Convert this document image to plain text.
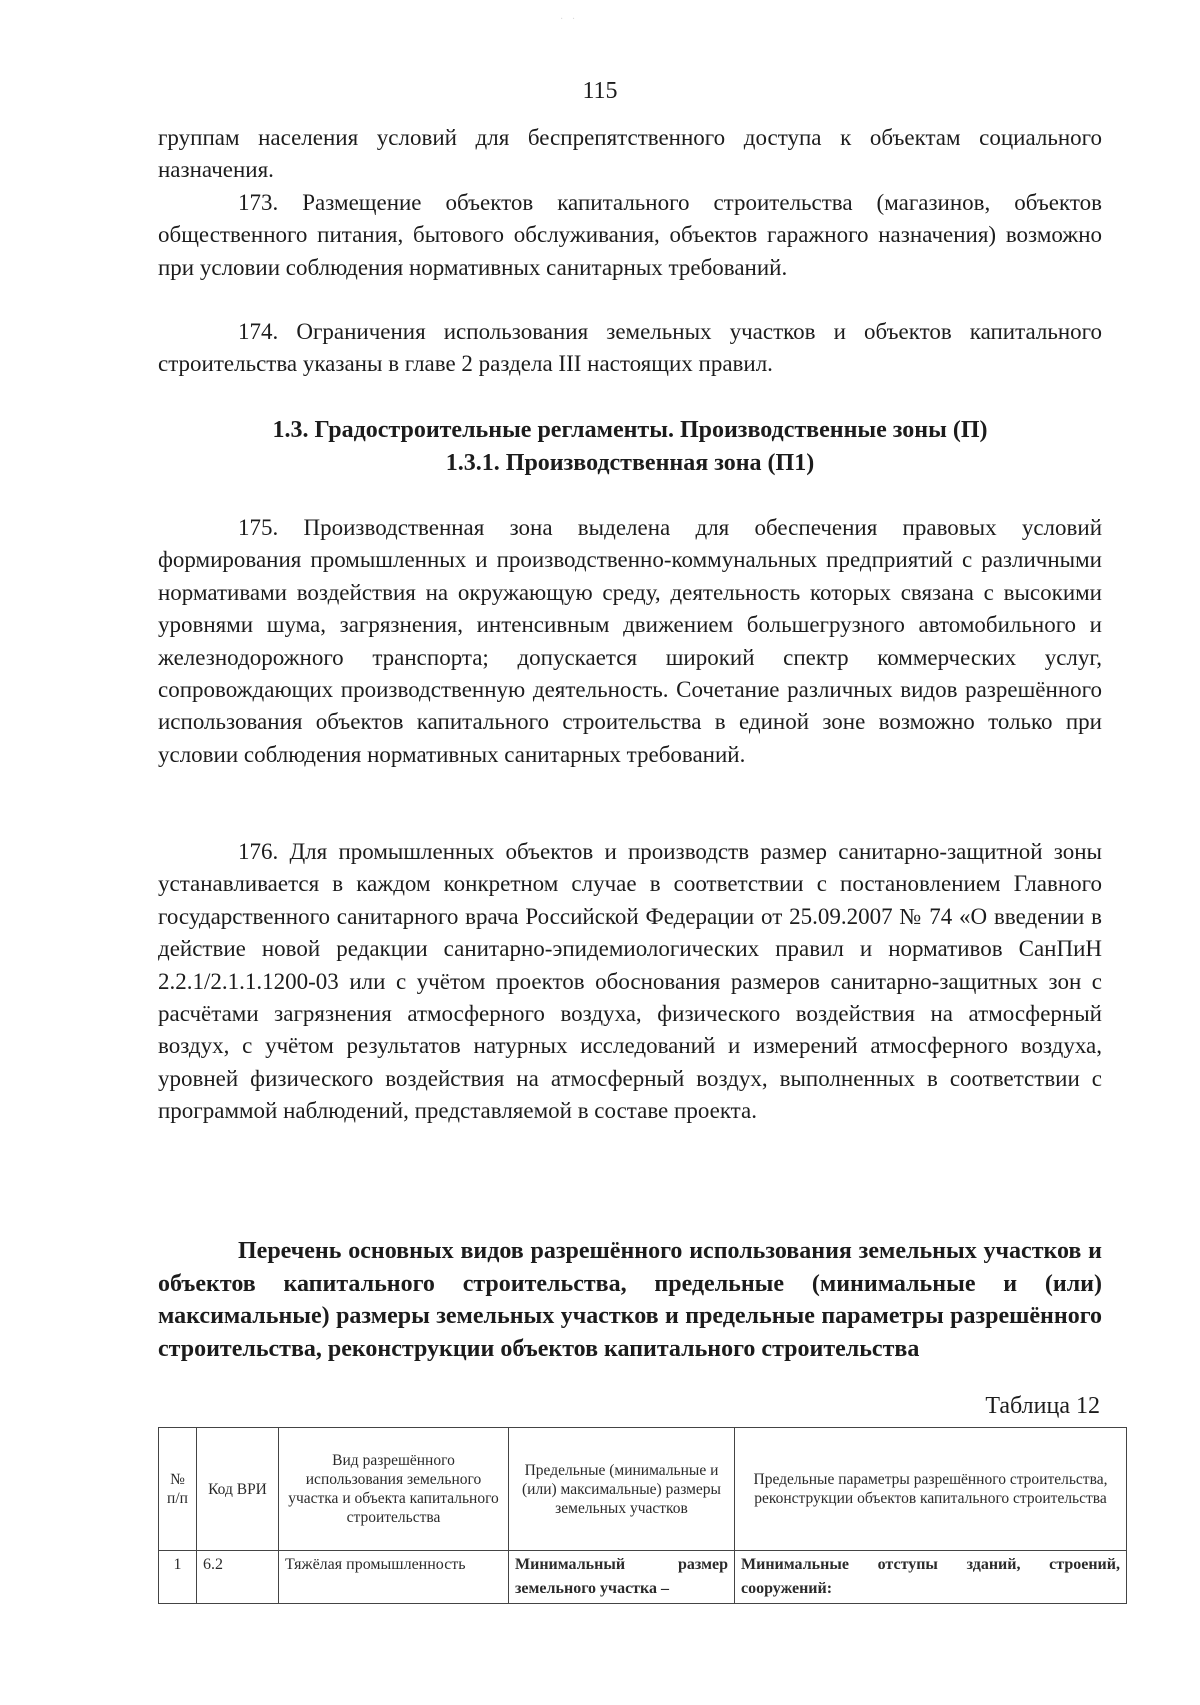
· ·
115

группам населения условий для беспрепятственного доступа к объектам социального назначения.

173. Размещение объектов капитального строительства (магазинов, объектов общественного питания, бытового обслуживания, объектов гаражного назначения) возможно при условии соблюдения нормативных санитарных требований.

174. Ограничения использования земельных участков и объектов капитального строительства указаны в главе 2 раздела III настоящих правил.

1.3. Градостроительные регламенты. Производственные зоны (П)
1.3.1. Производственная зона (П1)

175. Производственная зона выделена для обеспечения правовых условий формирования промышленных и производственно-коммунальных предприятий с различными нормативами воздействия на окружающую среду, деятельность которых связана с высокими уровнями шума, загрязнения, интенсивным движением большегрузного автомобильного и железнодорожного транспорта; допускается широкий спектр коммерческих услуг, сопровождающих производственную деятельность. Сочетание различных видов разрешённого использования объектов капитального строительства в единой зоне возможно только при условии соблюдения нормативных санитарных требований.

176. Для промышленных объектов и производств размер санитарно-защитной зоны устанавливается в каждом конкретном случае в соответствии с постановлением Главного государственного санитарного врача Российской Федерации от 25.09.2007 № 74 «О введении в действие новой редакции санитарно-эпидемиологических правил и нормативов СанПиН 2.2.1/2.1.1.1200-03 или с учётом проектов обоснования размеров санитарно-защитных зон с расчётами загрязнения атмосферного воздуха, физического воздействия на атмосферный воздух, с учётом результатов натурных исследований и измерений атмосферного воздуха, уровней физического воздействия на атмосферный воздух, выполненных в соответствии с программой наблюдений, представляемой в составе проекта.

Перечень основных видов разрешённого использования земельных участков и объектов капитального строительства, предельные (минимальные и (или) максимальные) размеры земельных участков и предельные параметры разрешённого строительства, реконструкции объектов капитального строительства
Таблица 12
№ п/п	Код ВРИ	Вид разрешённого использования земельного участка и объекта капитального строительства	Предельные (минимальные и (или) максимальные) размеры земельных участков	Предельные параметры разрешённого строительства, реконструкции объектов капитального строительства
1	6.2	Тяжёлая промышленность	Минимальный размер земельного участка –	Минимальные отступы зданий, строений, сооружений:
